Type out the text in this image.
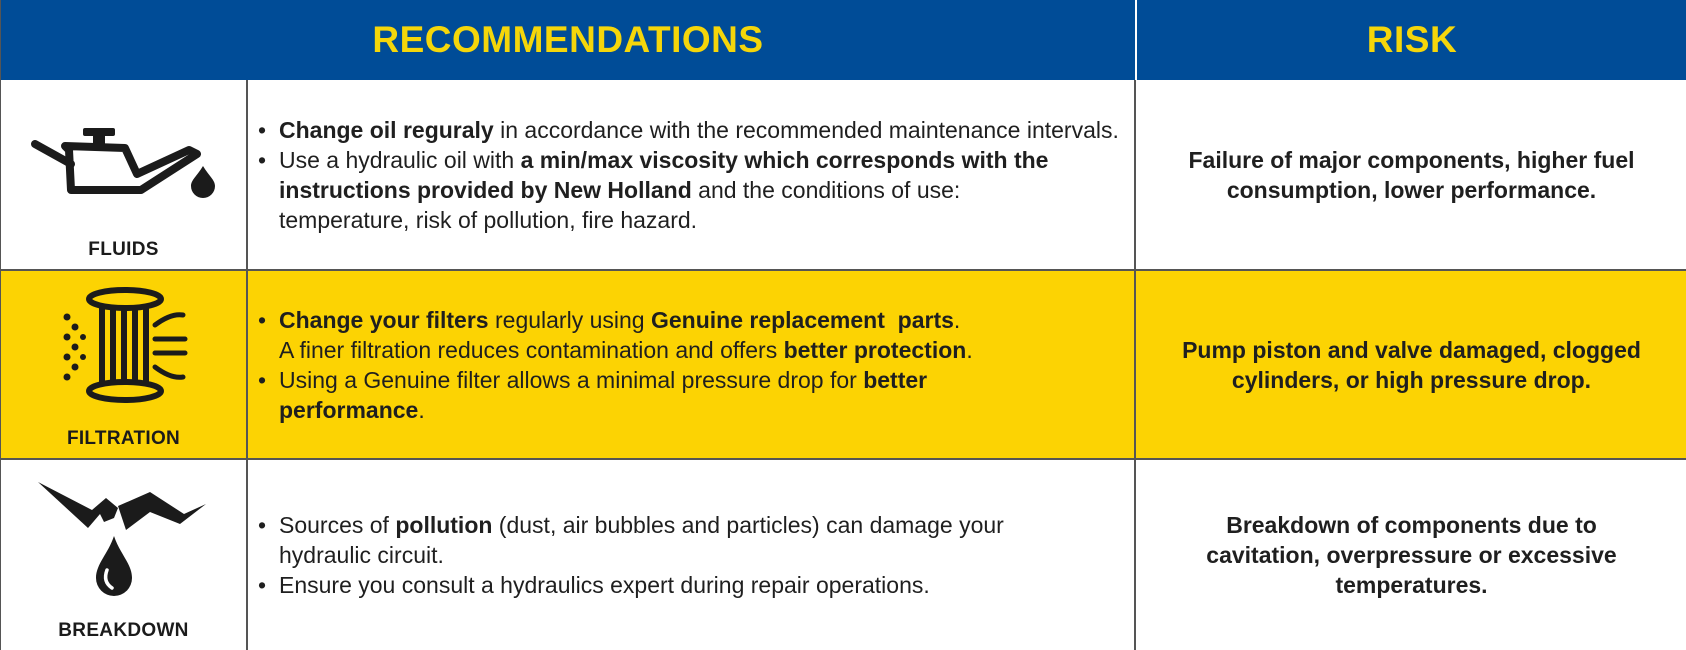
RECOMMENDATIONS	RISK
FLUIDS
• Change oil reguraly in accordance with the recommended maintenance intervals.
• Use a hydraulic oil with a min/max viscosity which corresponds with the instructions provided by New Holland and the conditions of use: temperature, risk of pollution, fire hazard.
Failure of major components, higher fuel consumption, lower performance.
FILTRATION
• Change your filters regularly using Genuine replacement  parts.
A finer filtration reduces contamination and offers better protection.
• Using a Genuine filter allows a minimal pressure drop for better performance.
Pump piston and valve damaged, clogged cylinders, or high pressure drop.
BREAKDOWN
• Sources of pollution (dust, air bubbles and particles) can damage your hydraulic circuit.
• Ensure you consult a hydraulics expert during repair operations.
Breakdown of components due to cavitation, overpressure or excessive temperatures.
